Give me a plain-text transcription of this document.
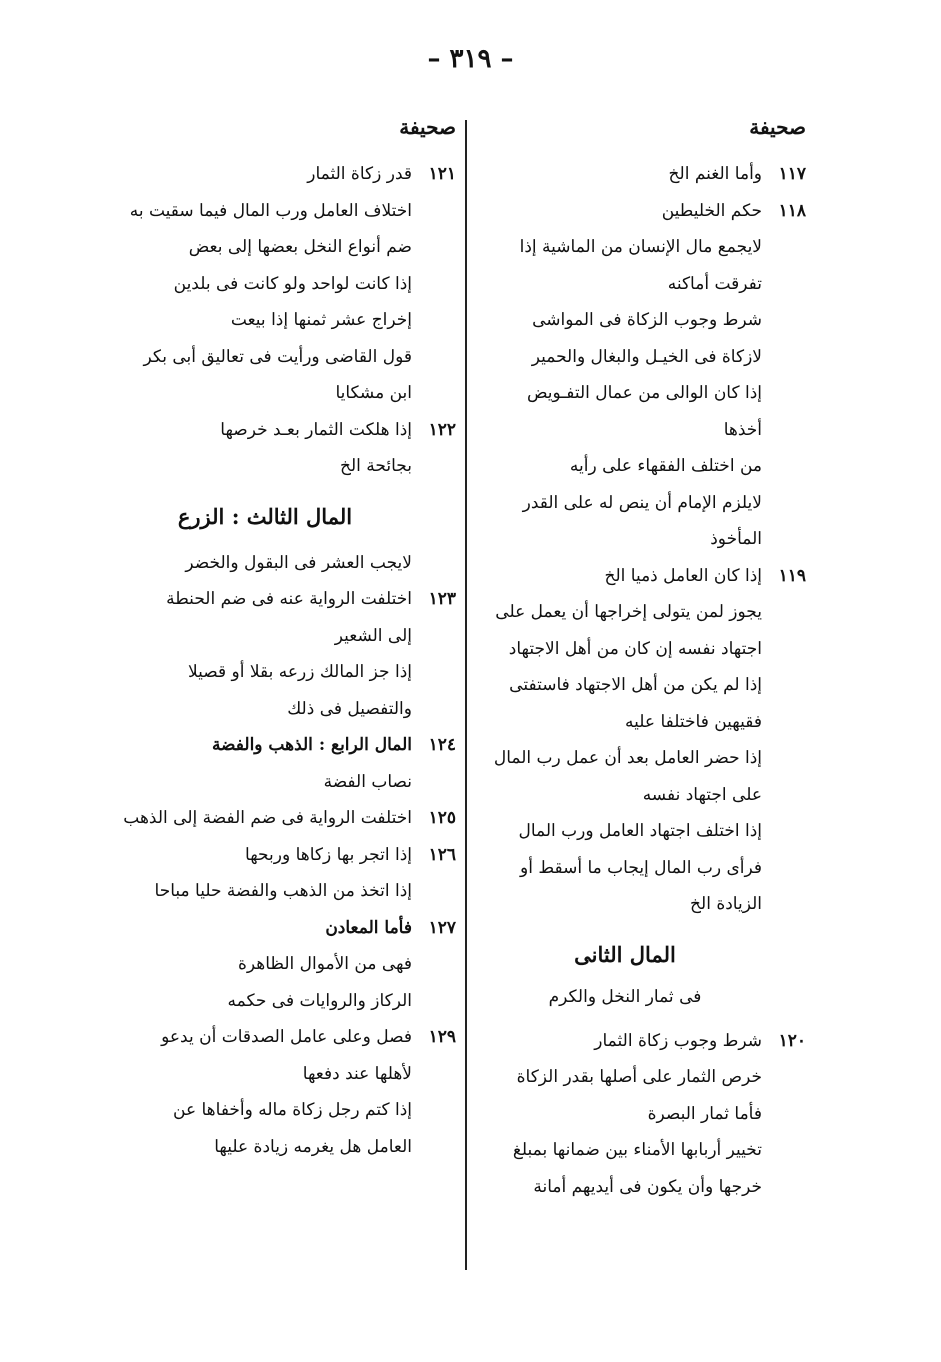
– ٣١٩ –
صحيفة
١١٧
وأما الغنم الخ
١١٨
حكم الخليطين
لايجمع مال الإنسان من الماشية إذا
تفرقت أماكنه
شرط وجوب الزكاة فى المواشى
لازكاة فى الخيـل والبغال والحمير
إذا كان الوالى من عمال التفـويض
أخذها
من اختلف الفقهاء على رأيه
لايلزم الإمام أن ينص له على القدر
المأخوذ
١١٩
إذا كان العامل ذميا الخ
يجوز لمن يتولى إخراجها أن يعمل على
اجتهاد نفسه إن كان من أهل الاجتهاد
إذا لم يكن من أهل الاجتهاد فاستفتى
فقيهين فاختلفا عليه
إذا حضر العامل بعد أن عمل رب المال
على اجتهاد نفسه
إذا اختلف اجتهاد العامل ورب المال
فرأى رب المال إيجاب ما أسقط أو
الزيادة الخ
المال الثانى
فى ثمار النخل والكرم
١٢٠
شرط وجوب زكاة الثمار
خرص الثمار على أصلها بقدر الزكاة
فأما ثمار البصرة
تخيير أربابها الأمناء بين ضمانها بمبلغ
خرجها وأن يكون فى أيديهم أمانة
صحيفة
١٢١
قدر زكاة الثمار
اختلاف العامل ورب المال فيما سقيت به
ضم أنواع النخل بعضها إلى بعض
إذا كانت لواحد ولو كانت فى بلدين
إخراج عشر ثمنها إذا بيعت
قول القاضى ورأيت فى تعاليق أبى بكر
ابن مشكايا
١٢٢
إذا هلكت الثمار بعـد خرصها
بجائحة الخ
المال الثالث : الزرع
لايجب العشر فى البقول والخضر
١٢٣
اختلفت الرواية عنه فى ضم الحنطة
إلى الشعير
إذا جز المالك زرعه بقلا أو قصيلا
والتفصيل فى ذلك
١٢٤
المال الرابع : الذهب والفضة
نصاب الفضة
١٢٥
اختلفت الرواية فى ضم الفضة إلى الذهب
١٢٦
إذا اتجر بها زكاها وربحها
إذا اتخذ من الذهب والفضة حليا مباحا
١٢٧
فأما المعادن
فهى من الأموال الظاهرة
الركاز والروايات فى حكمه
١٢٩
فصل وعلى عامل الصدقات أن يدعو
لأهلها عند دفعها
إذا كتم رجل زكاة ماله وأخفاها عن
العامل هل يغرمه زيادة عليها
